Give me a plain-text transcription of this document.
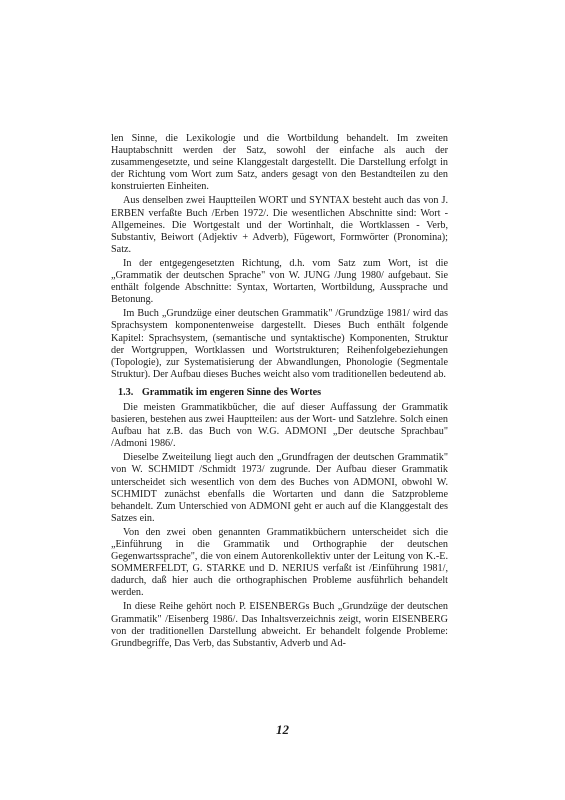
len Sinne, die Lexikologie und die Wortbildung behandelt. Im zweiten Hauptabschnitt werden der Satz, sowohl der einfache als auch der zusammengesetzte, und seine Klanggestalt dargestellt. Die Darstellung erfolgt in der Richtung vom Wort zum Satz, anders gesagt von den Bestandteilen zu den konstruierten Einheiten.

Aus denselben zwei Hauptteilen WORT und SYNTAX besteht auch das von J. ERBEN verfaßte Buch /Erben 1972/. Die wesentlichen Abschnitte sind: Wort - Allgemeines. Die Wortgestalt und der Wortinhalt, die Wortklassen - Verb, Substantiv, Beiwort (Adjektiv + Adverb), Fügewort, Formwörter (Pronomina); Satz.

In der entgegengesetzten Richtung, d.h. vom Satz zum Wort, ist die „Grammatik der deutschen Sprache" von W. JUNG /Jung 1980/ aufgebaut. Sie enthält folgende Abschnitte: Syntax, Wortarten, Wortbildung, Aussprache und Betonung.

Im Buch „Grundzüge einer deutschen Grammatik" /Grundzüge 1981/ wird das Sprachsystem komponentenweise dargestellt. Dieses Buch enthält folgende Kapitel: Sprachsystem, (semantische und syntaktische) Komponenten, Struktur der Wortgruppen, Wortklassen und Wortstrukturen; Reihenfolgebeziehungen (Topologie), zur Systematisierung der Abwandlungen, Phonologie (Segmentale Struktur). Der Aufbau dieses Buches weicht also vom traditionellen bedeutend ab.

1.3. Grammatik im engeren Sinne des Wortes

Die meisten Grammatikbücher, die auf dieser Auffassung der Grammatik basieren, bestehen aus zwei Hauptteilen: aus der Wort- und Satzlehre. Solch einen Aufbau hat z.B. das Buch von W.G. ADMONI „Der deutsche Sprachbau" /Admoni 1986/.

Dieselbe Zweiteilung liegt auch den „Grundfragen der deutschen Grammatik" von W. SCHMIDT /Schmidt 1973/ zugrunde. Der Aufbau dieser Grammatik unterscheidet sich wesentlich von dem des Buches von ADMONI, obwohl W. SCHMIDT zunächst ebenfalls die Wortarten und dann die Satzprobleme behandelt. Zum Unterschied von ADMONI geht er auch auf die Klanggestalt des Satzes ein.

Von den zwei oben genannten Grammatikbüchern unterscheidet sich die „Einführung in die Grammatik und Orthographie der deutschen Gegenwartssprache", die von einem Autorenkollektiv unter der Leitung von K.-E. SOMMERFELDT, G. STARKE und D. NERIUS verfaßt ist /Einführung 1981/, dadurch, daß hier auch die orthographischen Probleme ausführlich behandelt werden.

In diese Reihe gehört noch P. EISENBERGs Buch „Grundzüge der deutschen Grammatik" /Eisenberg 1986/. Das Inhaltsverzeichnis zeigt, worin EISENBERG von der traditionellen Darstellung abweicht. Er behandelt folgende Probleme: Grundbegriffe, Das Verb, das Substantiv, Adverb und Ad-

12
